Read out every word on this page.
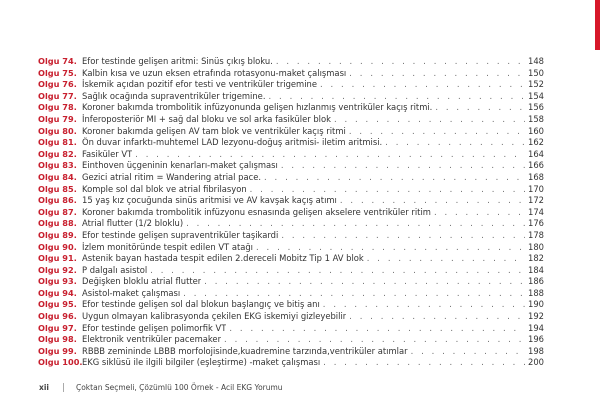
Olgu 74. Efor testinde gelişen aritmi: Sinüs çıkış bloku. . . .	148
Olgu 75. Kalbin kısa ve uzun eksen etrafında rotasyonu-maket çalışması . . .	150
Olgu 76. İskemik açıdan pozitif efor testi ve ventriküler trigemine . . .	152
Olgu 77. Sağlık ocağında supraventriküler trigemine. . . .	154
Olgu 78. Koroner bakımda trombolitik infüzyonunda gelişen hızlanmış ventriküler kaçış ritmi. . . .	156
Olgu 79. İnferoposteriör MI + sağ dal bloku ve sol arka fasiküler blok . . .	158
Olgu 80. Koroner bakımda gelişen AV tam blok ve ventriküler kaçış ritmi . . .	160
Olgu 81. Ön duvar infarktı-muhtemel LAD lezyonu-doğuş aritmisi- iletim aritmisi. . . .	162
Olgu 82. Fasiküler VT . . .	164
Olgu 83. Einthoven üçgeninin kenarları-maket çalışması . . .	166
Olgu 84. Gezici atrial ritim = Wandering atrial pace. . . .	168
Olgu 85. Komple sol dal blok ve atrial fibrilasyon . . .	170
Olgu 86. 15 yaş kız çocuğunda sinüs aritmisi ve AV kavşak kaçış atımı . . .	172
Olgu 87. Koroner bakımda trombolitik infüzyonu esnasında gelişen akselere ventriküler ritim . . .	174
Olgu 88. Atrial flutter (1/2 bloklu) . . .	176
Olgu 89. Efor testinde gelişen supraventriküler taşikardi . . .	178
Olgu 90. İzlem monitöründe tespit edilen VT atağı . . .	180
Olgu 91. Astenik bayan hastada tespit edilen 2.dereceli Mobitz Tip 1 AV blok . . .	182
Olgu 92. P dalgalı asistol . . .	184
Olgu 93. Değişken bloklu atrial flutter . . .	186
Olgu 94. Asistol-maket çalışması . . .	188
Olgu 95. Efor testinde gelişen sol dal blokun başlangıç ve bitiş anı . . .	190
Olgu 96. Uygun olmayan kalibrasyonda çekilen EKG iskemiyi gizleyebilir . . .	192
Olgu 97. Efor testinde gelişen polimorfik VT . . .	194
Olgu 98. Elektronik ventriküler pacemaker . . .	196
Olgu 99. RBBB zemininde LBBB morfolojisinde,kuadremine tarzında,ventriküler atımlar . . .	198
Olgu 100. EKG siklüsü ile ilgili bilgiler (eşleştirme) -maket çalışması . . .	200
xii	Çoktan Seçmeli, Çözümlü 100 Örnek - Acil EKG Yorumu
